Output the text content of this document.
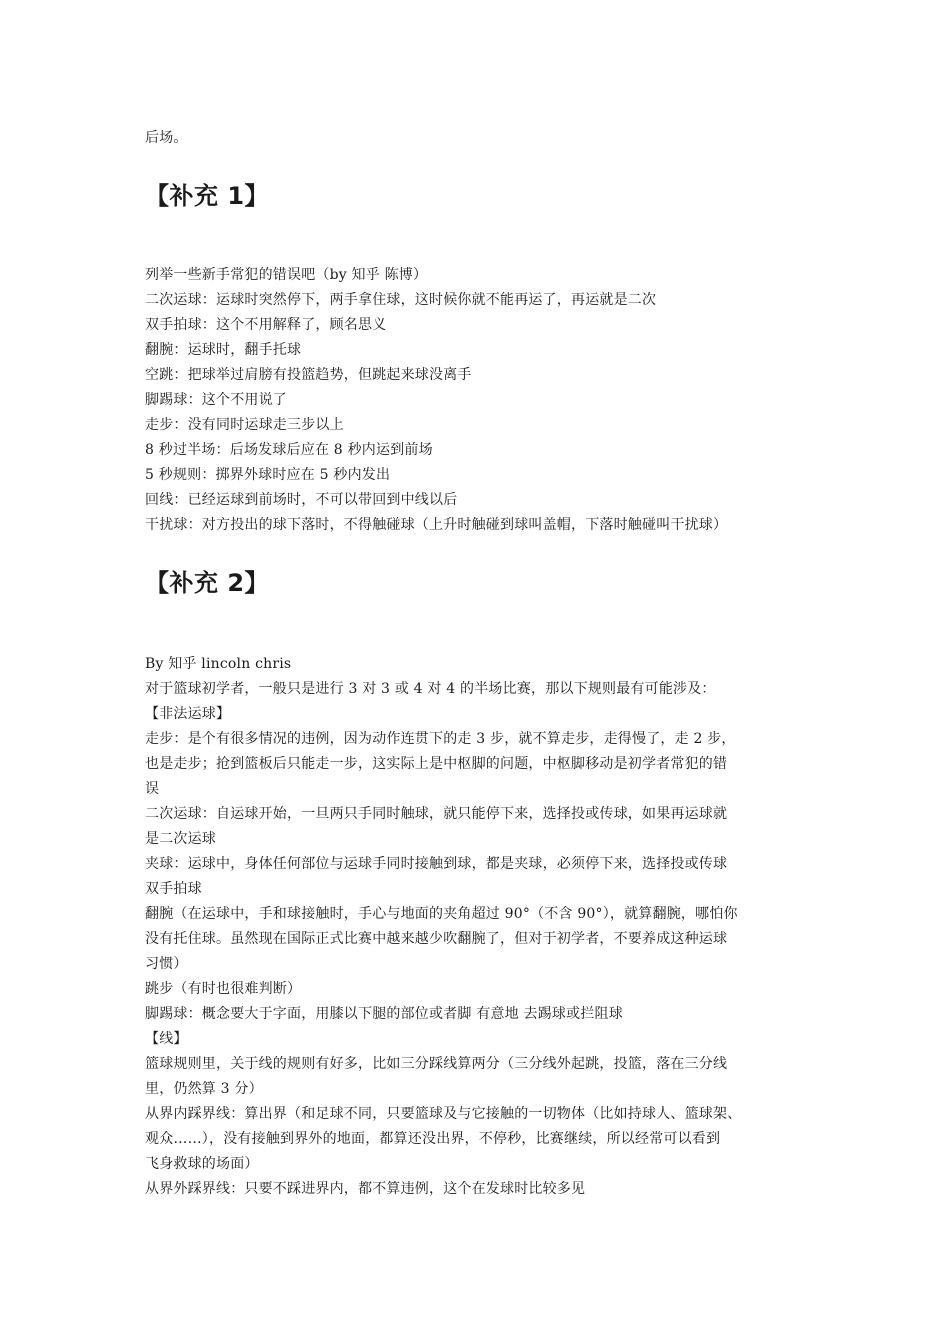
后场。
【补充 1】
列举一些新手常犯的错误吧（by 知乎 陈博）
二次运球：运球时突然停下，两手拿住球，这时候你就不能再运了，再运就是二次
双手拍球：这个不用解释了，顾名思义
翻腕：运球时，翻手托球
空跳：把球举过肩膀有投篮趋势，但跳起来球没离手
脚踢球：这个不用说了
走步：没有同时运球走三步以上
8 秒过半场：后场发球后应在 8 秒内运到前场
5 秒规则：掷界外球时应在 5 秒内发出
回线：已经运球到前场时，不可以带回到中线以后
干扰球：对方投出的球下落时，不得触碰球（上升时触碰到球叫盖帽，下落时触碰叫干扰球）
【补充 2】
By 知乎 lincoln chris
对于篮球初学者，一般只是进行 3 对 3 或 4 对 4 的半场比赛，那以下规则最有可能涉及：
【非法运球】
走步：是个有很多情况的违例，因为动作连贯下的走 3 步，就不算走步，走得慢了，走 2 步，
也是走步；抢到篮板后只能走一步，这实际上是中枢脚的问题，中枢脚移动是初学者常犯的错
误
二次运球：自运球开始，一旦两只手同时触球，就只能停下来，选择投或传球，如果再运球就
是二次运球
夹球：运球中，身体任何部位与运球手同时接触到球，都是夹球，必须停下来，选择投或传球
双手拍球
翻腕（在运球中，手和球接触时，手心与地面的夹角超过 90°（不含 90°），就算翻腕，哪怕你
没有托住球。虽然现在国际正式比赛中越来越少吹翻腕了，但对于初学者，不要养成这种运球
习惯）
跳步（有时也很难判断）
脚踢球：概念要大于字面，用膝以下腿的部位或者脚 有意地 去踢球或拦阻球
【线】
篮球规则里，关于线的规则有好多，比如三分踩线算两分（三分线外起跳，投篮，落在三分线
里，仍然算 3 分）
从界内踩界线：算出界（和足球不同，只要篮球及与它接触的一切物体（比如持球人、篮球架、
观众……），没有接触到界外的地面，都算还没出界，不停秒，比赛继续，所以经常可以看到
飞身救球的场面）
从界外踩界线：只要不踩进界内，都不算违例，这个在发球时比较多见
